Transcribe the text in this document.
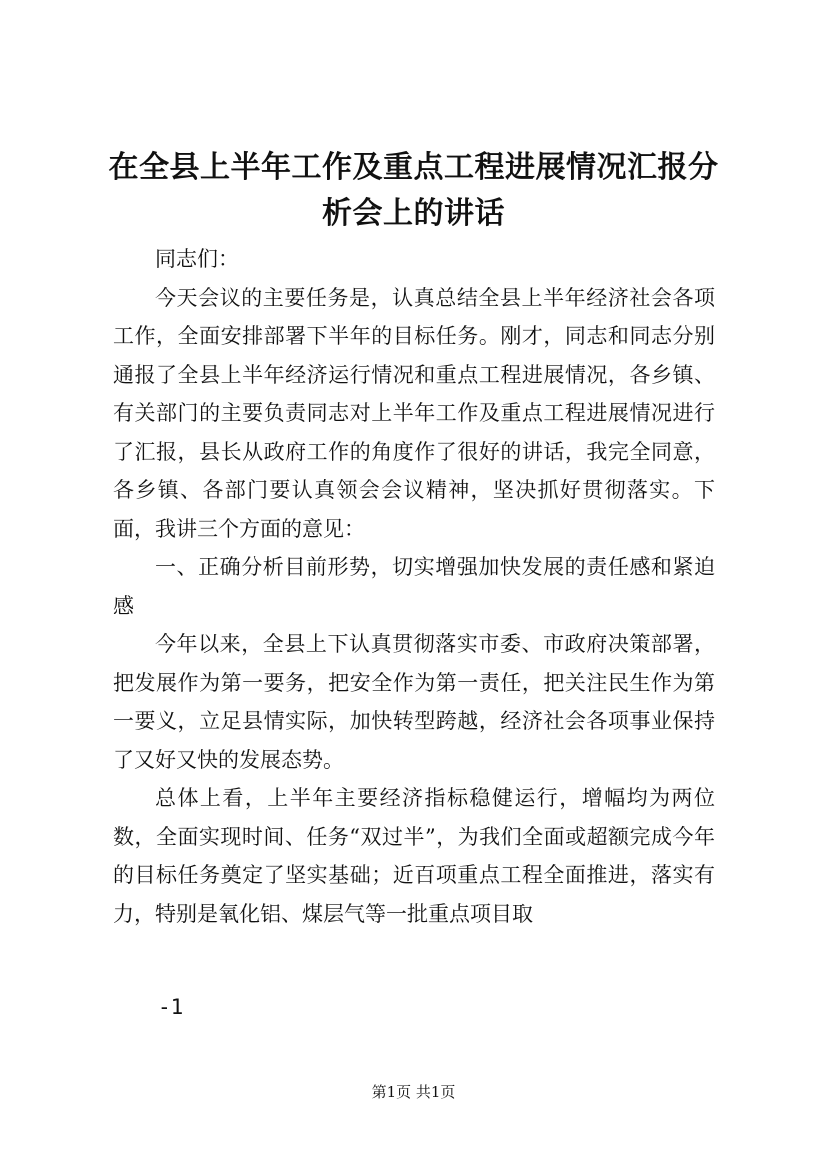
在全县上半年工作及重点工程进展情况汇报分析会上的讲话

同志们：

今天会议的主要任务是，认真总结全县上半年经济社会各项工作，全面安排部署下半年的目标任务。刚才，同志和同志分别通报了全县上半年经济运行情况和重点工程进展情况，各乡镇、有关部门的主要负责同志对上半年工作及重点工程进展情况进行了汇报，县长从政府工作的角度作了很好的讲话，我完全同意，各乡镇、各部门要认真领会会议精神，坚决抓好贯彻落实。下面，我讲三个方面的意见：

一、正确分析目前形势，切实增强加快发展的责任感和紧迫感

今年以来，全县上下认真贯彻落实市委、市政府决策部署，把发展作为第一要务，把安全作为第一责任，把关注民生作为第一要义，立足县情实际，加快转型跨越，经济社会各项事业保持了又好又快的发展态势。

总体上看，上半年主要经济指标稳健运行，增幅均为两位数，全面实现时间、任务“双过半”，为我们全面或超额完成今年的目标任务奠定了坚实基础；近百项重点工程全面推进，落实有力，特别是氧化铝、煤层气等一批重点项目取

-1
第1页 共1页
